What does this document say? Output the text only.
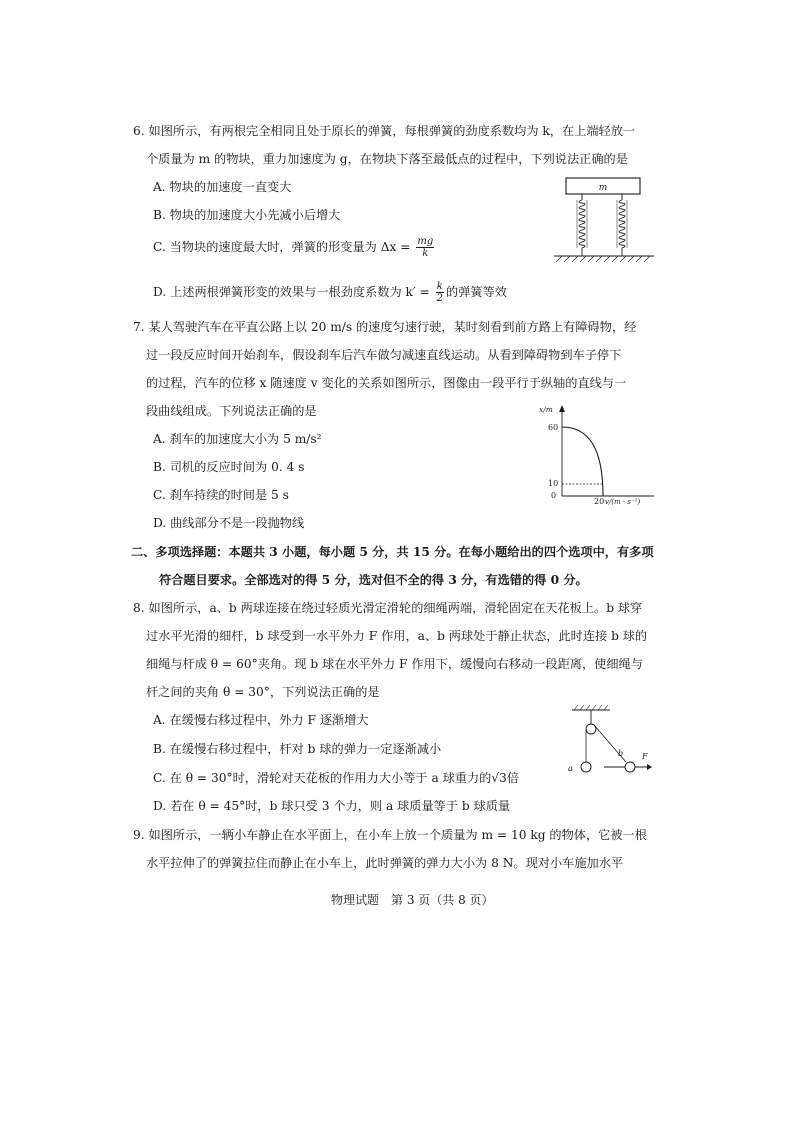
6. 如图所示，有两根完全相同且处于原长的弹簧，每根弹簧的劲度系数均为 k，在上端轻放一
个质量为 m 的物块，重力加速度为 g，在物块下落至最低点的过程中，下列说法正确的是
A. 物块的加速度一直变大
B. 物块的加速度大小先减小后增大
C. 当物块的速度最大时，弹簧的形变量为 $\Delta x = \frac{mg}{k}$
D. 上述两根弹簧形变的效果与一根劲度系数为 $k' = \frac{k}{2}$ 的弹簧等效
m
7. 某人驾驶汽车在平直公路上以 20 m/s 的速度匀速行驶，某时刻看到前方路上有障碍物，经
过一段反应时间开始刹车，假设刹车后汽车做匀减速直线运动。从看到障碍物到车子停下
的过程，汽车的位移 x 随速度 v 变化的关系如图所示，图像由一段平行于纵轴的直线与一
段曲线组成。下列说法正确的是
A. 刹车的加速度大小为 5 m/s²
B. 司机的反应时间为 0. 4 s
C. 刹车持续的时间是 5 s
D. 曲线部分不是一段抛物线
x/m
60
10
0
20 v/(m · s⁻¹)
二、多项选择题：本题共 3 小题，每小题 5 分，共 15 分。在每小题给出的四个选项中，有多项
符合题目要求。全部选对的得 5 分，选对但不全的得 3 分，有选错的得 0 分。
8. 如图所示，a、b 两球连接在绕过轻质光滑定滑轮的细绳两端，滑轮固定在天花板上。b 球穿
过水平光滑的细杆，b 球受到一水平外力 F 作用，a、b 两球处于静止状态，此时连接 b 球的
细绳与杆成 θ = 60°夹角。现 b 球在水平外力 F 作用下，缓慢向右移动一段距离，使细绳与
杆之间的夹角 θ = 30°，下列说法正确的是
A. 在缓慢右移过程中，外力 F 逐渐增大
B. 在缓慢右移过程中，杆对 b 球的弹力一定逐渐减小
C. 在 θ = 30°时，滑轮对天花板的作用力大小等于 a 球重力的√3倍
D. 若在 θ = 45°时，b 球只受 3 个力，则 a 球质量等于 b 球质量
a
b F
9. 如图所示，一辆小车静止在水平面上，在小车上放一个质量为 m = 10 kg 的物体，它被一根
水平拉伸了的弹簧拉住而静止在小车上，此时弹簧的弹力大小为 8 N。现对小车施加水平
物理试题　第 3 页（共 8 页）
